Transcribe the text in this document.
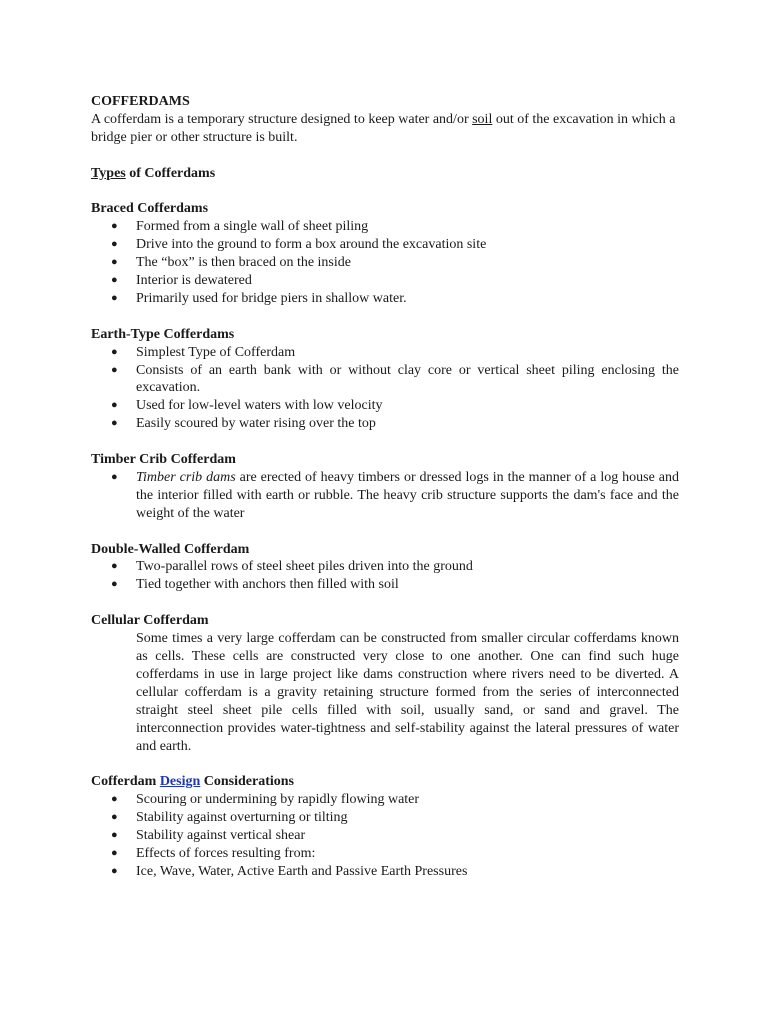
COFFERDAMS

A cofferdam is a temporary structure designed to keep water and/or soil out of the excavation in which a bridge pier or other structure is built.

Types of Cofferdams

Braced Cofferdams

● Formed from a single wall of sheet piling
● Drive into the ground to form a box around the excavation site
● The “box” is then braced on the inside
● Interior is dewatered
● Primarily used for bridge piers in shallow water.

Earth-Type Cofferdams

● Simplest Type of Cofferdam
● Consists of an earth bank with or without clay core or vertical sheet piling enclosing the excavation.
● Used for low-level waters with low velocity
● Easily scoured by water rising over the top

Timber Crib Cofferdam

● Timber crib dams are erected of heavy timbers or dressed logs in the manner of a log house and the interior filled with earth or rubble. The heavy crib structure supports the dam's face and the weight of the water

Double-Walled Cofferdam

● Two-parallel rows of steel sheet piles driven into the ground
● Tied together with anchors then filled with soil

Cellular Cofferdam

Some times a very large cofferdam can be constructed from smaller circular cofferdams known as cells. These cells are constructed very close to one another. One can find such huge cofferdams in use in large project like dams construction where rivers need to be diverted. A cellular cofferdam is a gravity retaining structure formed from the series of interconnected straight steel sheet pile cells filled with soil, usually sand, or sand and gravel. The interconnection provides water-tightness and self-stability against the lateral pressures of water and earth.

Cofferdam Design Considerations

● Scouring or undermining by rapidly flowing water
● Stability against overturning or tilting
● Stability against vertical shear
● Effects of forces resulting from:
● Ice, Wave, Water, Active Earth and Passive Earth Pressures
